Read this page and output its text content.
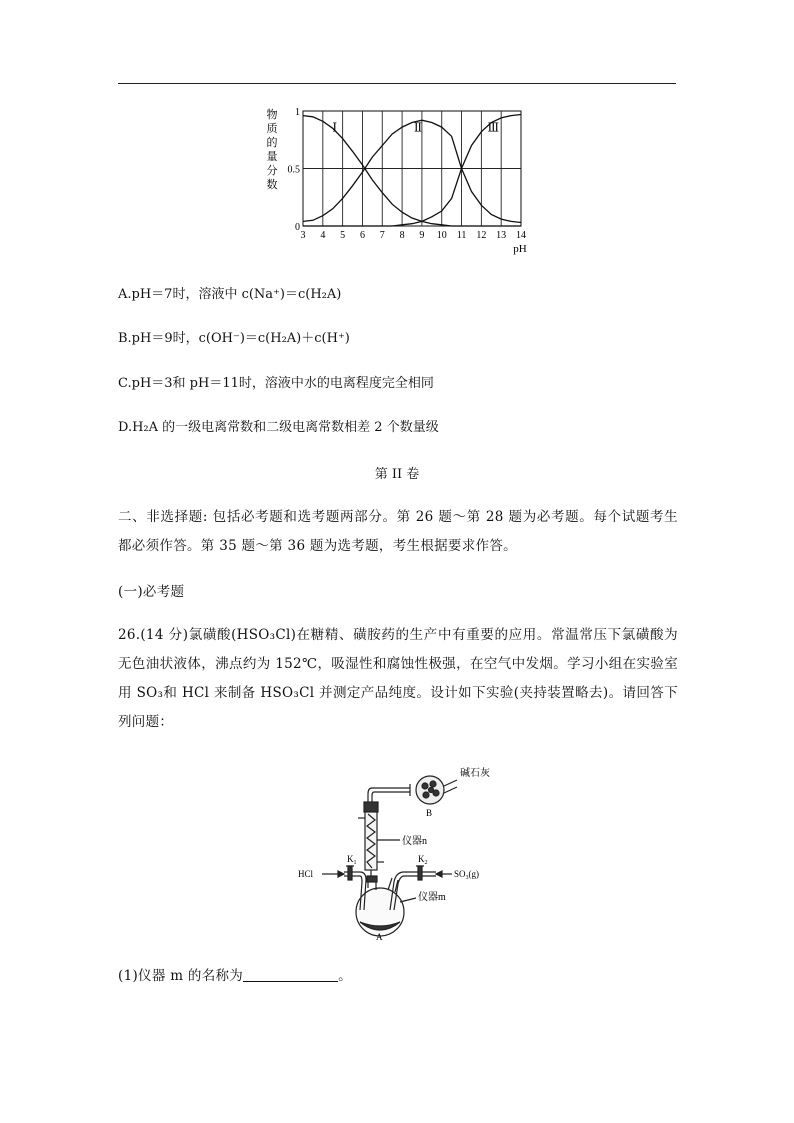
3 4 5 6 7 8 9 10 11 12 13 14
0
0.5
1
Ⅰ	Ⅱ	Ⅲ
pH
物
质
的
量
分
数
A.pH＝7时，溶液中 c(Na⁺)＝c(H₂A)
B.pH＝9时，c(OH⁻)＝c(H₂A)＋c(H⁺)
C.pH＝3和 pH＝11时，溶液中水的电离程度完全相同
D.H₂A 的一级电离常数和二级电离常数相差 2 个数量级
第 II 卷
二、非选择题: 包括必考题和选考题两部分。第 26 题～第 28 题为必考题。每个试题考生都必须作答。第 35 题～第 36 题为选考题，考生根据要求作答。
(一)必考题
26.(14 分)氯磺酸(HSO₃Cl)在糖精、磺胺药的生产中有重要的应用。常温常压下氯磺酸为无色油状液体，沸点约为 152℃，吸湿性和腐蚀性极强，在空气中发烟。学习小组在实验室用 SO₃和 HCl 来制备 HSO₃Cl 并测定产品纯度。设计如下实验(夹持装置略去)。请回答下列问题：
碱石灰
B
仪器n
$K_1$	$K_2$
HCl	$SO_3(g)$
仪器m
A
(1)仪器 m 的名称为	。
